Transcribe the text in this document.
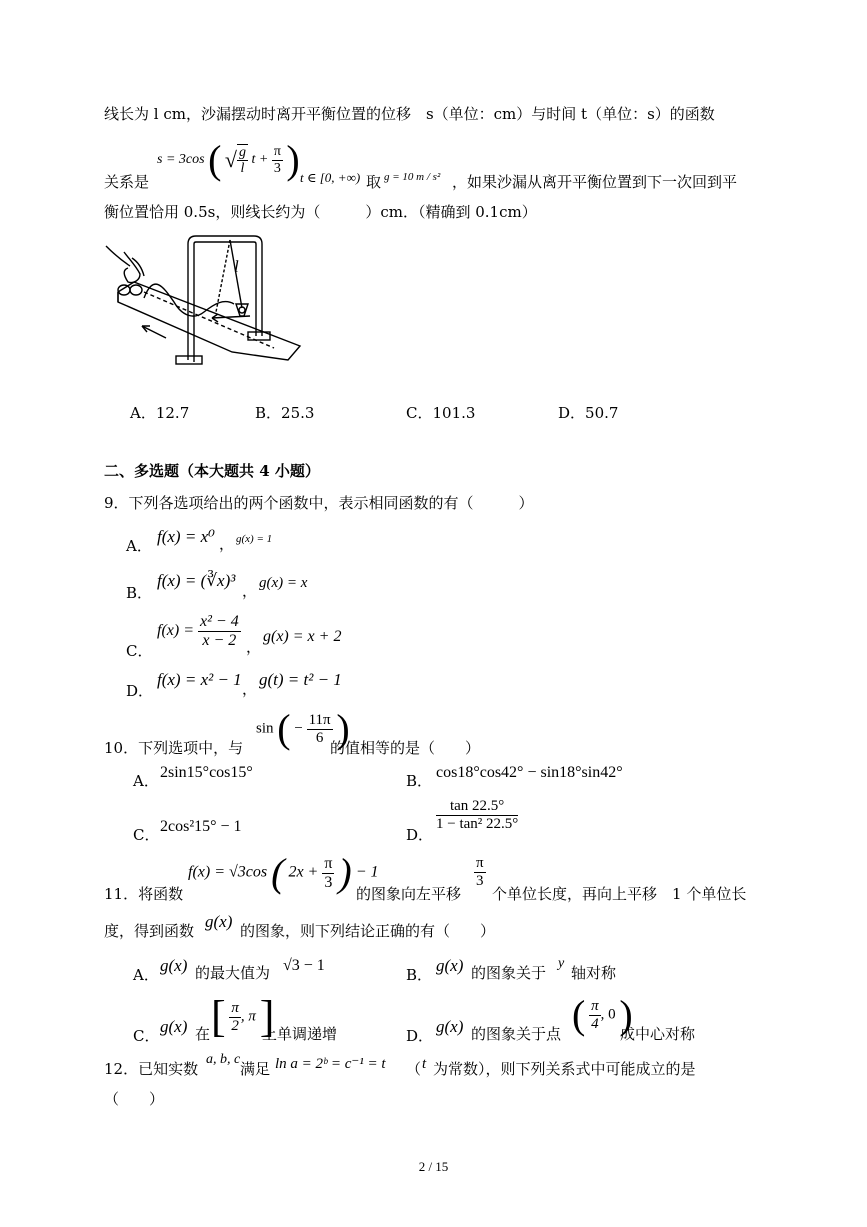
线长为 l cm，沙漏摆动时离开平衡位置的位移　s（单位：cm）与时间 t（单位：s）的函数
关系是
s = 3cos ( √ $\frac{g}{l}$ $t + \frac{\pi}{3}$ ) t ∈ [0, +∞) 取 g = 10 m / s² ，如果沙漏从离开平衡位置到下一次回到平
衡位置恰用 0.5s，则线长约为（　　　）cm．（精确到 0.1cm）
l
A．12.7	B．25.3	C．101.3	D．50.7
二、多选题（本大题共 4 小题）
9．下列各选项给出的两个函数中，表示相同函数的有（　　　）
A． f(x) = x⁰ ， g(x) = 1
B．
f(x) = (∛x)³
， g(x) = x
C．
$f(x) = \frac{\text{x² − 4}}{x - 2}$ ，
g(x) = x + 2
D．
f(x) = x² − 1 ， g(t) = t² − 1
10．下列选项中，与
sin ( − $\frac{11\pi}{6}$ )
的值相等的是（　　）
A． 2sin15°cos15°	B． cos18°cos42° − sin18°sin42°
C． 2cos²15° − 1	D．
$\frac{\tan 22.5^\circ}{\text{1 − tan² 22.5°}}$
11．将函数
f(x) = √3cos ( $2x + \frac{\pi}{3}$ ) − 1
的图象向左平移
$\frac{\pi}{3}$
个单位长度，再向上平移　1 个单位长
度，得到函数 g(x) 的图象，则下列结论正确的有（　　）
A． g(x) 的最大值为 √3 − 1
B． g(x) 的图象关于
y
轴对称
C． g(x) 在 [ $\frac{\pi}{2}$ , π ]
上单调递增	D． g(x) 的图象关于点 ( $\frac{\pi}{4}$ , 0 )
成中心对称
12．已知实数
a, b, c
满足 ln a = 2ᵇ = c⁻¹ = t （ t 为常数），则下列关系式中可能成立的是
（　　）
2 / 15
